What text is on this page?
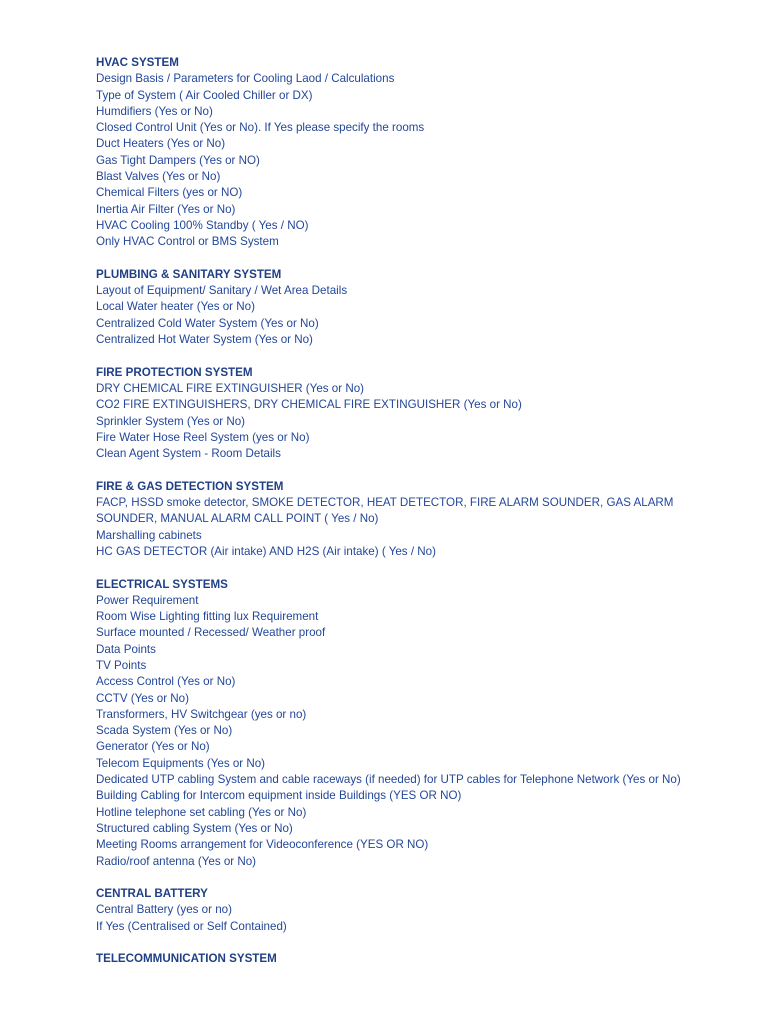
HVAC SYSTEM
Design Basis / Parameters for Cooling Laod / Calculations
Type of System ( Air Cooled Chiller or DX)
Humdifiers (Yes or No)
Closed Control Unit (Yes or No). If Yes please specify the rooms
Duct Heaters (Yes or No)
Gas Tight Dampers (Yes or NO)
Blast Valves (Yes or No)
Chemical Filters (yes or NO)
Inertia Air Filter (Yes or No)
HVAC Cooling 100% Standby ( Yes / NO)
Only HVAC Control or BMS System
PLUMBING & SANITARY SYSTEM
Layout of Equipment/ Sanitary / Wet Area Details
Local Water heater (Yes or No)
Centralized Cold Water System (Yes or No)
Centralized Hot Water System (Yes or No)
FIRE PROTECTION SYSTEM
DRY CHEMICAL FIRE EXTINGUISHER (Yes or No)
CO2 FIRE EXTINGUISHERS, DRY CHEMICAL FIRE EXTINGUISHER (Yes or No)
Sprinkler System (Yes or No)
Fire Water Hose Reel System (yes or No)
Clean Agent System - Room Details
FIRE & GAS DETECTION SYSTEM
FACP, HSSD smoke detector, SMOKE DETECTOR, HEAT DETECTOR, FIRE ALARM SOUNDER, GAS ALARM SOUNDER, MANUAL ALARM CALL POINT ( Yes / No)
Marshalling cabinets
HC GAS DETECTOR (Air intake) AND H2S (Air intake) ( Yes / No)
ELECTRICAL SYSTEMS
Power Requirement
Room Wise Lighting fitting lux Requirement
Surface mounted / Recessed/ Weather proof
Data Points
TV Points
Access Control (Yes or No)
CCTV (Yes or No)
Transformers, HV Switchgear (yes or no)
Scada System (Yes or No)
Generator (Yes or No)
Telecom Equipments (Yes or No)
Dedicated UTP cabling System and cable raceways (if needed) for UTP cables for Telephone Network (Yes or No)
Building Cabling for Intercom equipment inside Buildings (YES OR NO)
Hotline telephone set cabling (Yes or No)
Structured cabling System (Yes or No)
Meeting Rooms arrangement for Videoconference (YES OR NO)
Radio/roof antenna (Yes or No)
CENTRAL BATTERY
Central Battery (yes or no)
If Yes (Centralised or Self Contained)
TELECOMMUNICATION SYSTEM
